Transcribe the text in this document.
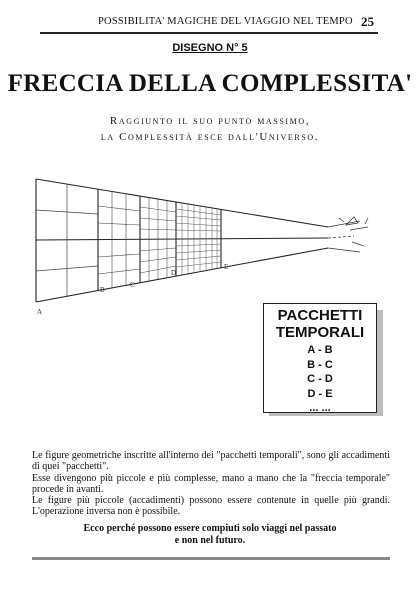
POSSIBILITA' MAGICHE DEL VIAGGIO NEL TEMPO 25
DISEGNO N° 5
FRECCIA DELLA COMPLESSITA'
Raggiunto il suo punto massimo,
la Complessità esce dall'Universo.
A
B
C
D
E
PACCHETTI
TEMPORALI
A - B
B - C
C - D
D - E
... ...

Le figure geometriche inscritte all'interno dei "pacchetti temporali", sono gli accadimenti di quei "pacchetti".

Esse divengono più piccole e più complesse, mano a mano che la "freccia temporale" procede in avanti.

Le figure più piccole (accadimenti) possono essere contenute in quelle più grandi. L'operazione inversa non è possibile.

Ecco perché possono essere compiuti solo viaggi nel passato
e non nel futuro.
